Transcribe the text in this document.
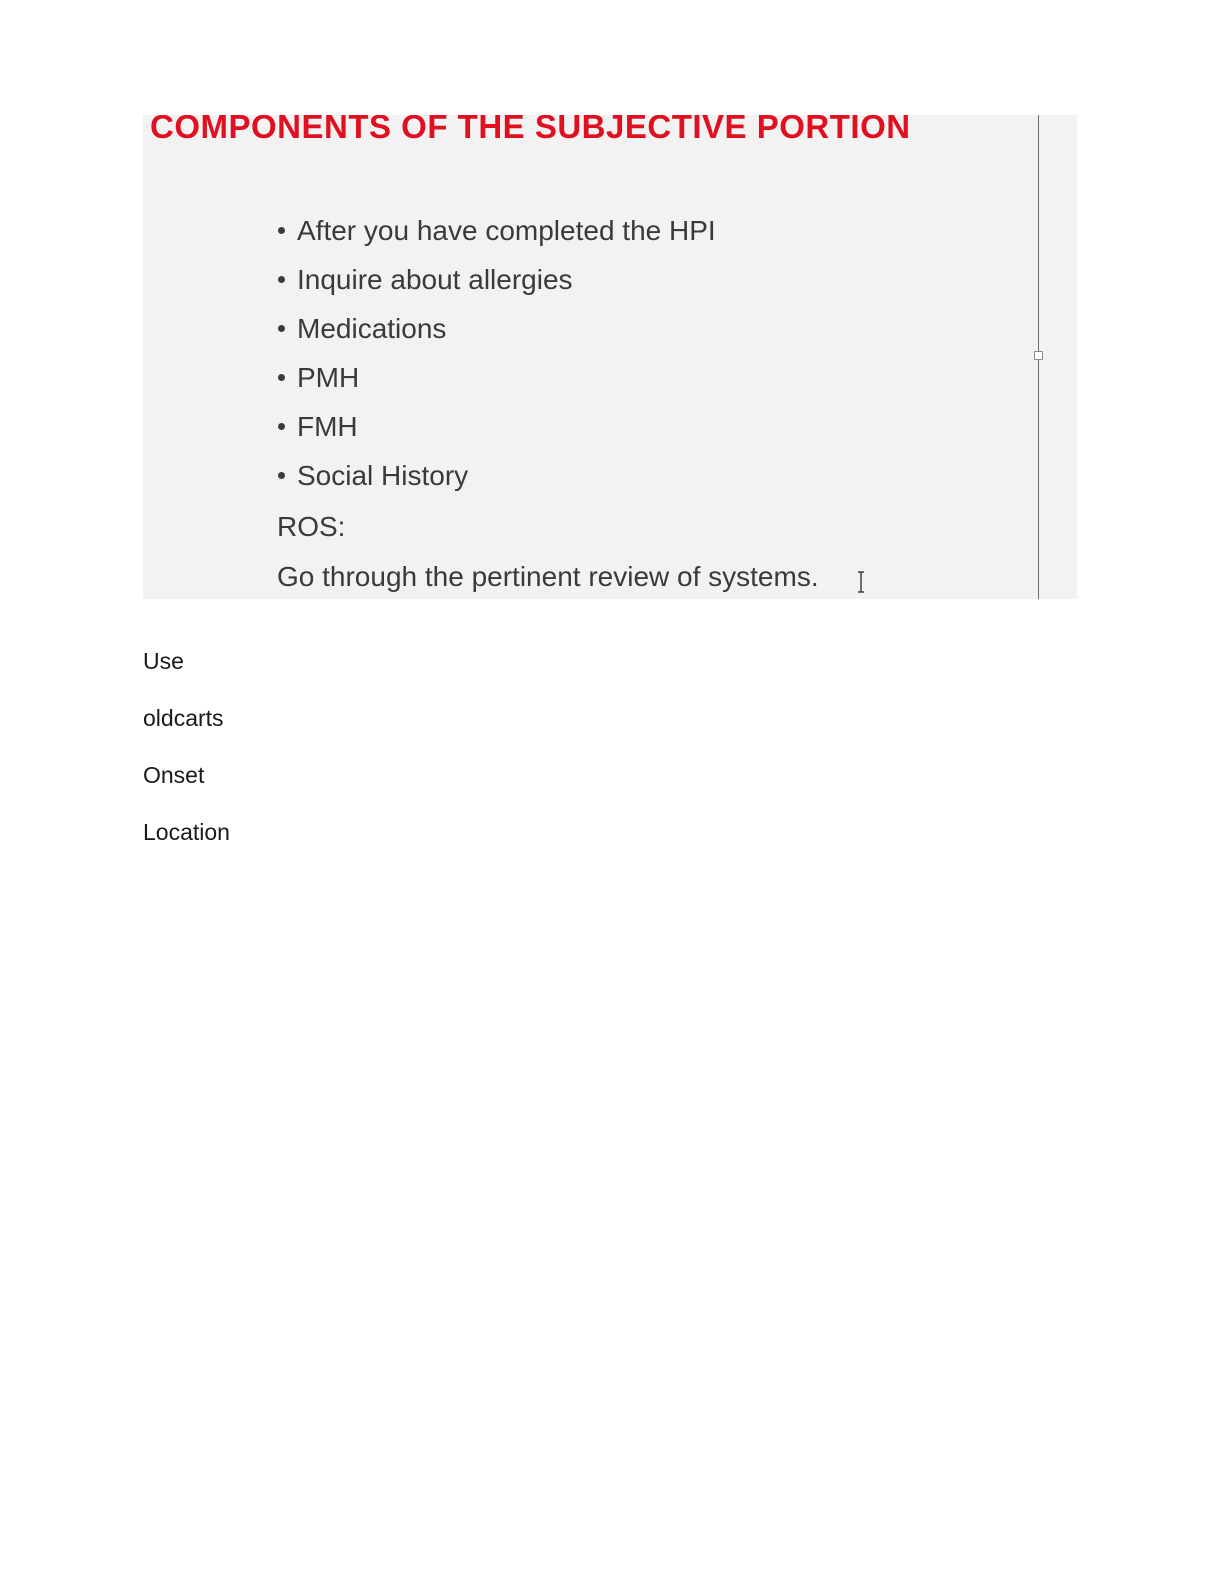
COMPONENTS OF THE SUBJECTIVE PORTION
After you have completed the HPI
Inquire about allergies
Medications
PMH
FMH
Social History

ROS:

Go through the pertinent review of systems.

Use

oldcarts

Onset

Location
